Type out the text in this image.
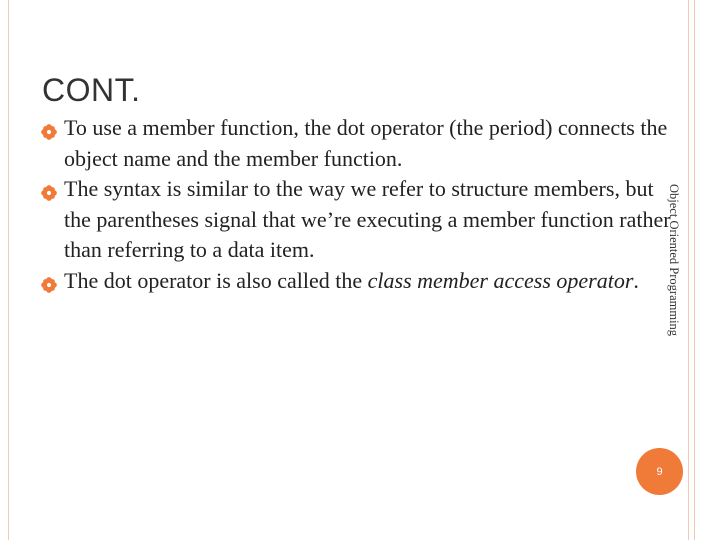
CONT.
To use a member function, the dot operator (the period) connects the object name and the member function.
The syntax is similar to the way we refer to structure members, but the parentheses signal that we’re executing a member function rather than referring to a data item.
The dot operator is also called the class member access operator.	Object Oriented Programming
9
